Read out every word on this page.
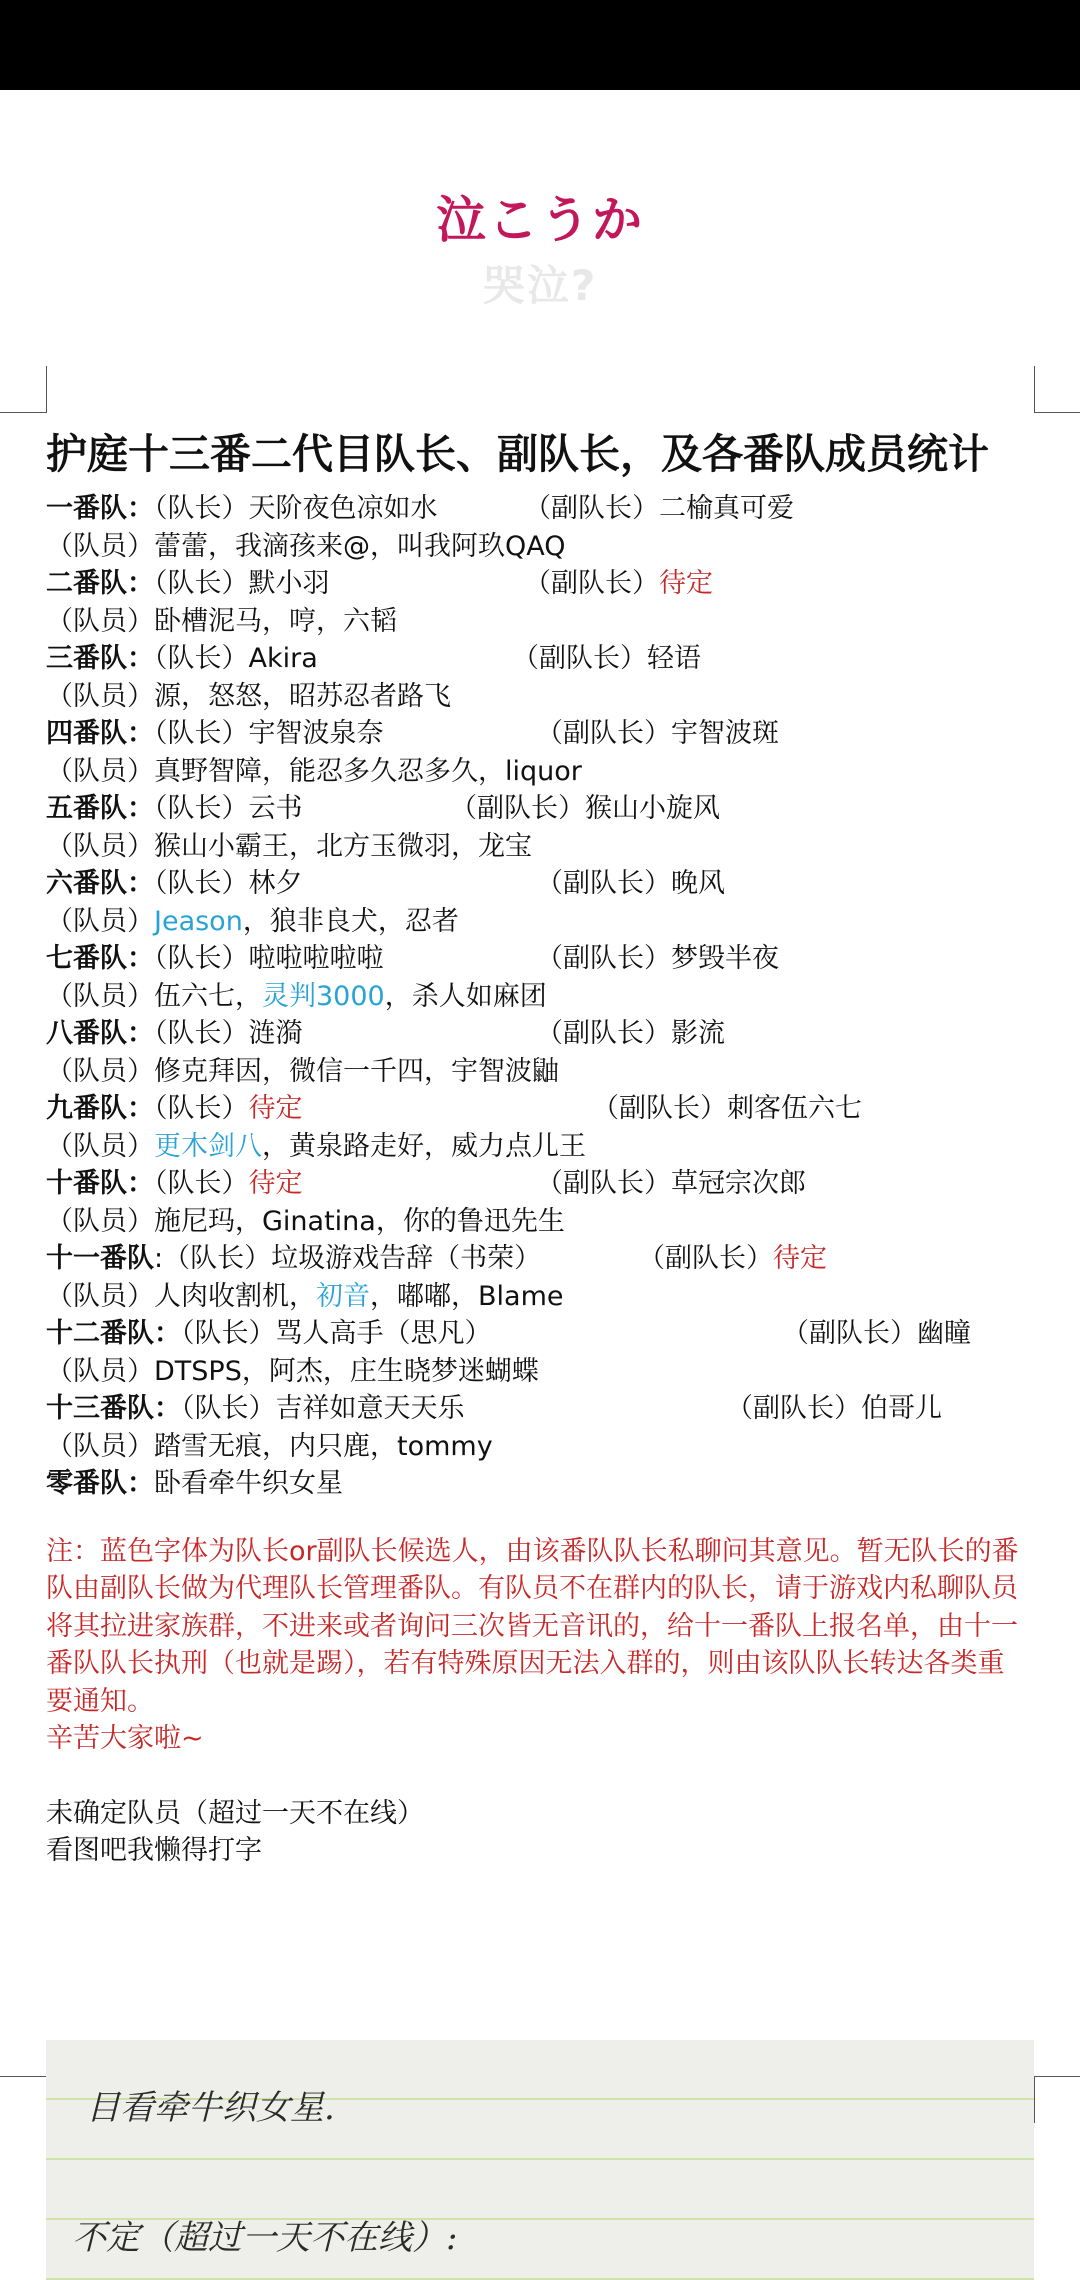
泣こうか
哭泣?
护庭十三番二代目队长、副队长，及各番队成员统计
一番队：（队长）天阶夜色凉如水	（副队长）二榆真可爱
（队员）蕾蕾，我滴孩来@，叫我阿玖QAQ
二番队：（队长）默小羽	（副队长）待定
（队员）卧槽泥马，哼，六韬
三番队：（队长）Akira	（副队长）轻语
（队员）源，怒怒，昭苏忍者路飞
四番队：（队长）宇智波泉奈	（副队长）宇智波斑
（队员）真野智障，能忍多久忍多久，liquor
五番队：（队长）云书	（副队长）猴山小旋风
（队员）猴山小霸王，北方玉微羽，龙宝
六番队：（队长）林夕	（副队长）晚风
（队员）Jeason，狼非良犬，忍者
七番队：（队长）啦啦啦啦啦	（副队长）梦毁半夜
（队员）伍六七，灵判3000，杀人如麻团
八番队：（队长）涟漪	（副队长）影流
（队员）修克拜因，微信一千四，宇智波鼬
九番队：（队长）待定	（副队长）刺客伍六七
（队员）更木剑八，黄泉路走好，威力点儿王
十番队：（队长）待定	（副队长）草冠宗次郎
（队员）施尼玛，Ginatina，你的鲁迅先生
十一番队:（队长）垃圾游戏告辞（书荣）	（副队长）待定
（队员）人肉收割机，初音，嘟嘟，Blame
十二番队：（队长）骂人高手（思凡）	（副队长）幽瞳
（队员）DTSPS，阿杰，庄生晓梦迷蝴蝶
十三番队：（队长）吉祥如意天天乐	（副队长）伯哥儿
（队员）踏雪无痕，内只鹿，tommy
零番队：卧看牵牛织女星
注：蓝色字体为队长or副队长候选人，由该番队队长私聊问其意见。暂无队长的番队由副队长做为代理队长管理番队。有队员不在群内的队长，请于游戏内私聊队员将其拉进家族群，不进来或者询问三次皆无音讯的，给十一番队上报名单，由十一番队队长执刑（也就是踢），若有特殊原因无法入群的，则由该队队长转达各类重要通知。
辛苦大家啦~
未确定队员（超过一天不在线）
看图吧我懒得打字
目看牵牛织女星.
不定（超过一天不在线）:
